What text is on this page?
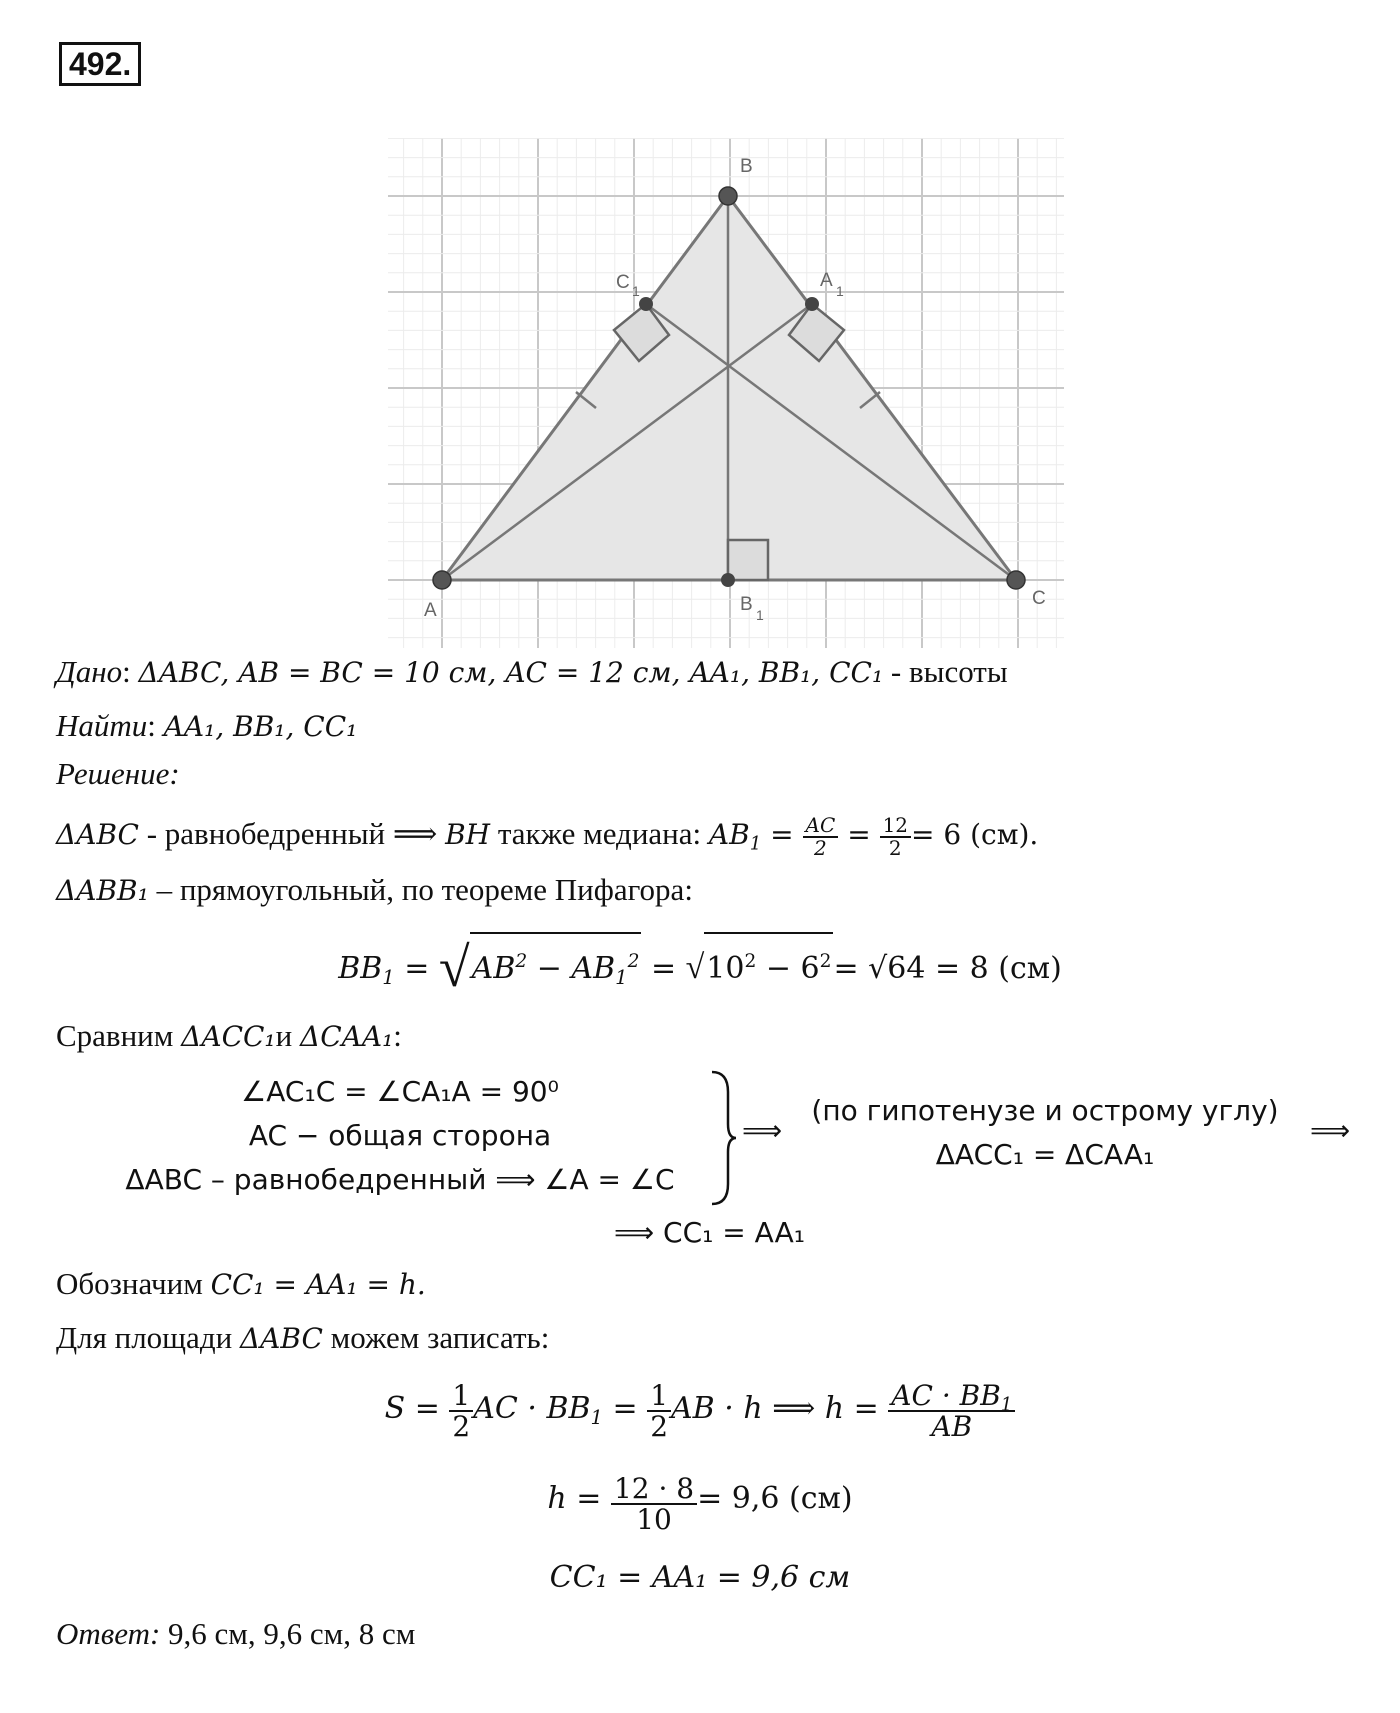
492.
B
A
C
C 1	A 1
B 1
Дано: ΔABC, AB = BC = 10 см, AC = 12 см, AA₁, BB₁, CC₁ - высоты
Найти: AA₁, BB₁, CC₁
Решение:
ΔABC - равнобедренный ⟹ BH также медиана: $AB_1 = \frac{AC}{2} = \frac{12}{2} = 6$ (см).
ΔABB₁ – прямоугольный, по теореме Пифагора:
$BB_1 = √AB^2 - AB_1^2 = √10^2 - 6^2= √64 = 8$ (см)
Сравним ΔACC₁и ΔCAA₁:
∠AC₁C = ∠CA₁A = 90⁰
AC − общая сторона
ΔABC – равнобедренный ⟹ ∠A = ∠C
⟹
(по гипотенузе и острому углу)
ΔACC₁ = ΔCAA₁
⟹
⟹ CC₁ = AA₁
Обозначим CC₁ = AA₁ = h.
Для площади ΔABC можем записать:
$S = \frac{1}{2}$ AC · $BB_1 = \frac{1}{2}$ AB · h ⟹ $h = \frac{AC \cdot BB_1}{AB}$
$h = \frac{12 \cdot 8}{10} = 9,6$ (см)
CC₁ = AA₁ = 9,6 см
Ответ: 9,6 см, 9,6 см, 8 см
